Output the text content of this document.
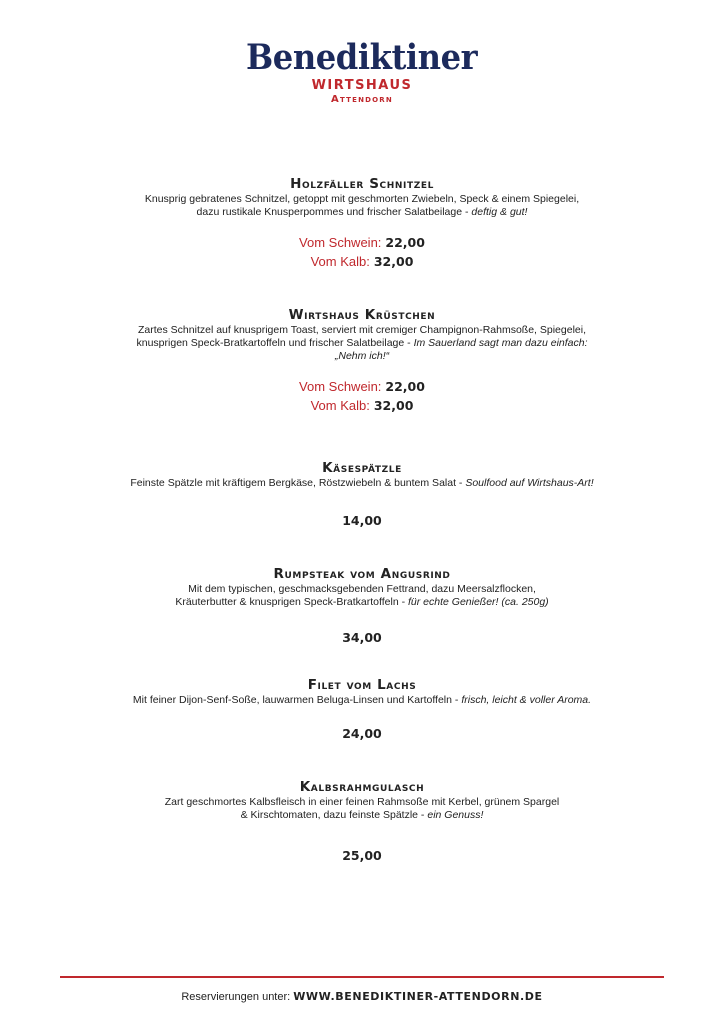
Benediktiner
WIRTSHAUS
Attendorn
Holzfäller Schnitzel
Knusprig gebratenes Schnitzel, getoppt mit geschmorten Zwiebeln, Speck & einem Spiegelei,
dazu rustikale Knusperpommes und frischer Salatbeilage - deftig & gut!
Vom Schwein: 22,00
Vom Kalb: 32,00
Wirtshaus Krüstchen
Zartes Schnitzel auf knusprigem Toast, serviert mit cremiger Champignon-Rahmsoße, Spiegelei,
knusprigen Speck-Bratkartoffeln und frischer Salatbeilage - Im Sauerland sagt man dazu einfach:
„Nehm ich!“
Vom Schwein: 22,00
Vom Kalb: 32,00
Käsespätzle
Feinste Spätzle mit kräftigem Bergkäse, Röstzwiebeln & buntem Salat - Soulfood auf Wirtshaus-Art!
14,00
Rumpsteak vom Angusrind
Mit dem typischen, geschmacksgebenden Fettrand, dazu Meersalzflocken,
Kräuterbutter & knusprigen Speck-Bratkartoffeln - für echte Genießer! (ca. 250g)
34,00
Filet vom Lachs
Mit feiner Dijon-Senf-Soße, lauwarmen Beluga-Linsen und Kartoffeln - frisch, leicht & voller Aroma.
24,00
Kalbsrahmgulasch
Zart geschmortes Kalbsfleisch in einer feinen Rahmsoße mit Kerbel, grünem Spargel
& Kirschtomaten, dazu feinste Spätzle - ein Genuss!
25,00
Reservierungen unter: WWW.BENEDIKTINER-ATTENDORN.DE
